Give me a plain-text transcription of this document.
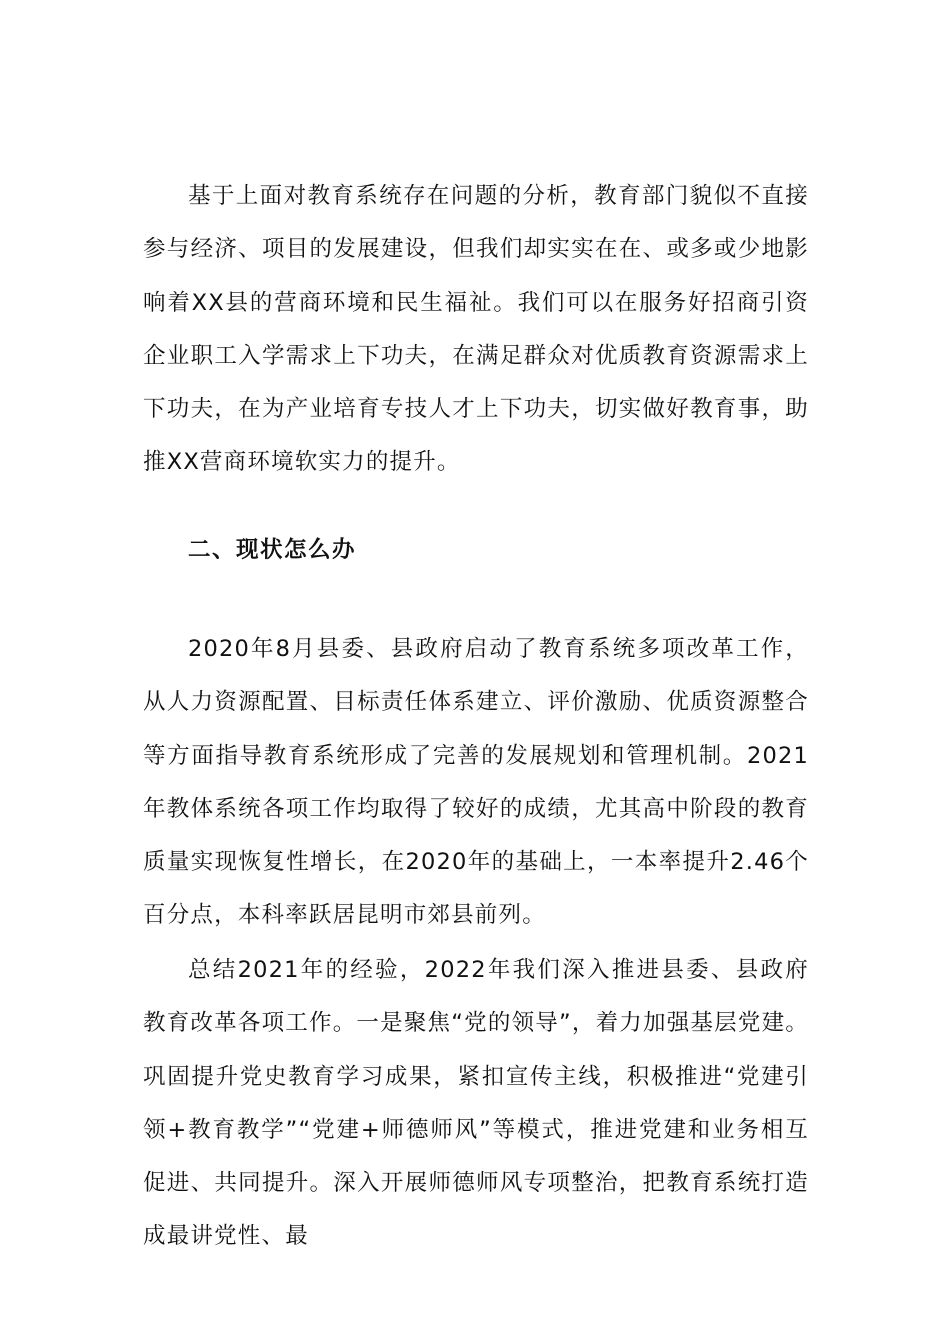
基于上面对教育系统存在问题的分析，教育部门貌似不直接参与经济、项目的发展建设，但我们却实实在在、或多或少地影响着XX县的营商环境和民生福祉。我们可以在服务好招商引资企业职工入学需求上下功夫，在满足群众对优质教育资源需求上下功夫，在为产业培育专技人才上下功夫，切实做好教育事，助推XX营商环境软实力的提升。

二、现状怎么办

2020年8月县委、县政府启动了教育系统多项改革工作，从人力资源配置、目标责任体系建立、评价激励、优质资源整合等方面指导教育系统形成了完善的发展规划和管理机制。2021年教体系统各项工作均取得了较好的成绩，尤其高中阶段的教育质量实现恢复性增长，在2020年的基础上，一本率提升2.46个百分点，本科率跃居昆明市郊县前列。

总结2021年的经验，2022年我们深入推进县委、县政府教育改革各项工作。一是聚焦“党的领导”，着力加强基层党建。巩固提升党史教育学习成果，紧扣宣传主线，积极推进“党建引领+教育教学”“党建+师德师风”等模式，推进党建和业务相互促进、共同提升。深入开展师德师风专项整治，把教育系统打造成最讲党性、最
